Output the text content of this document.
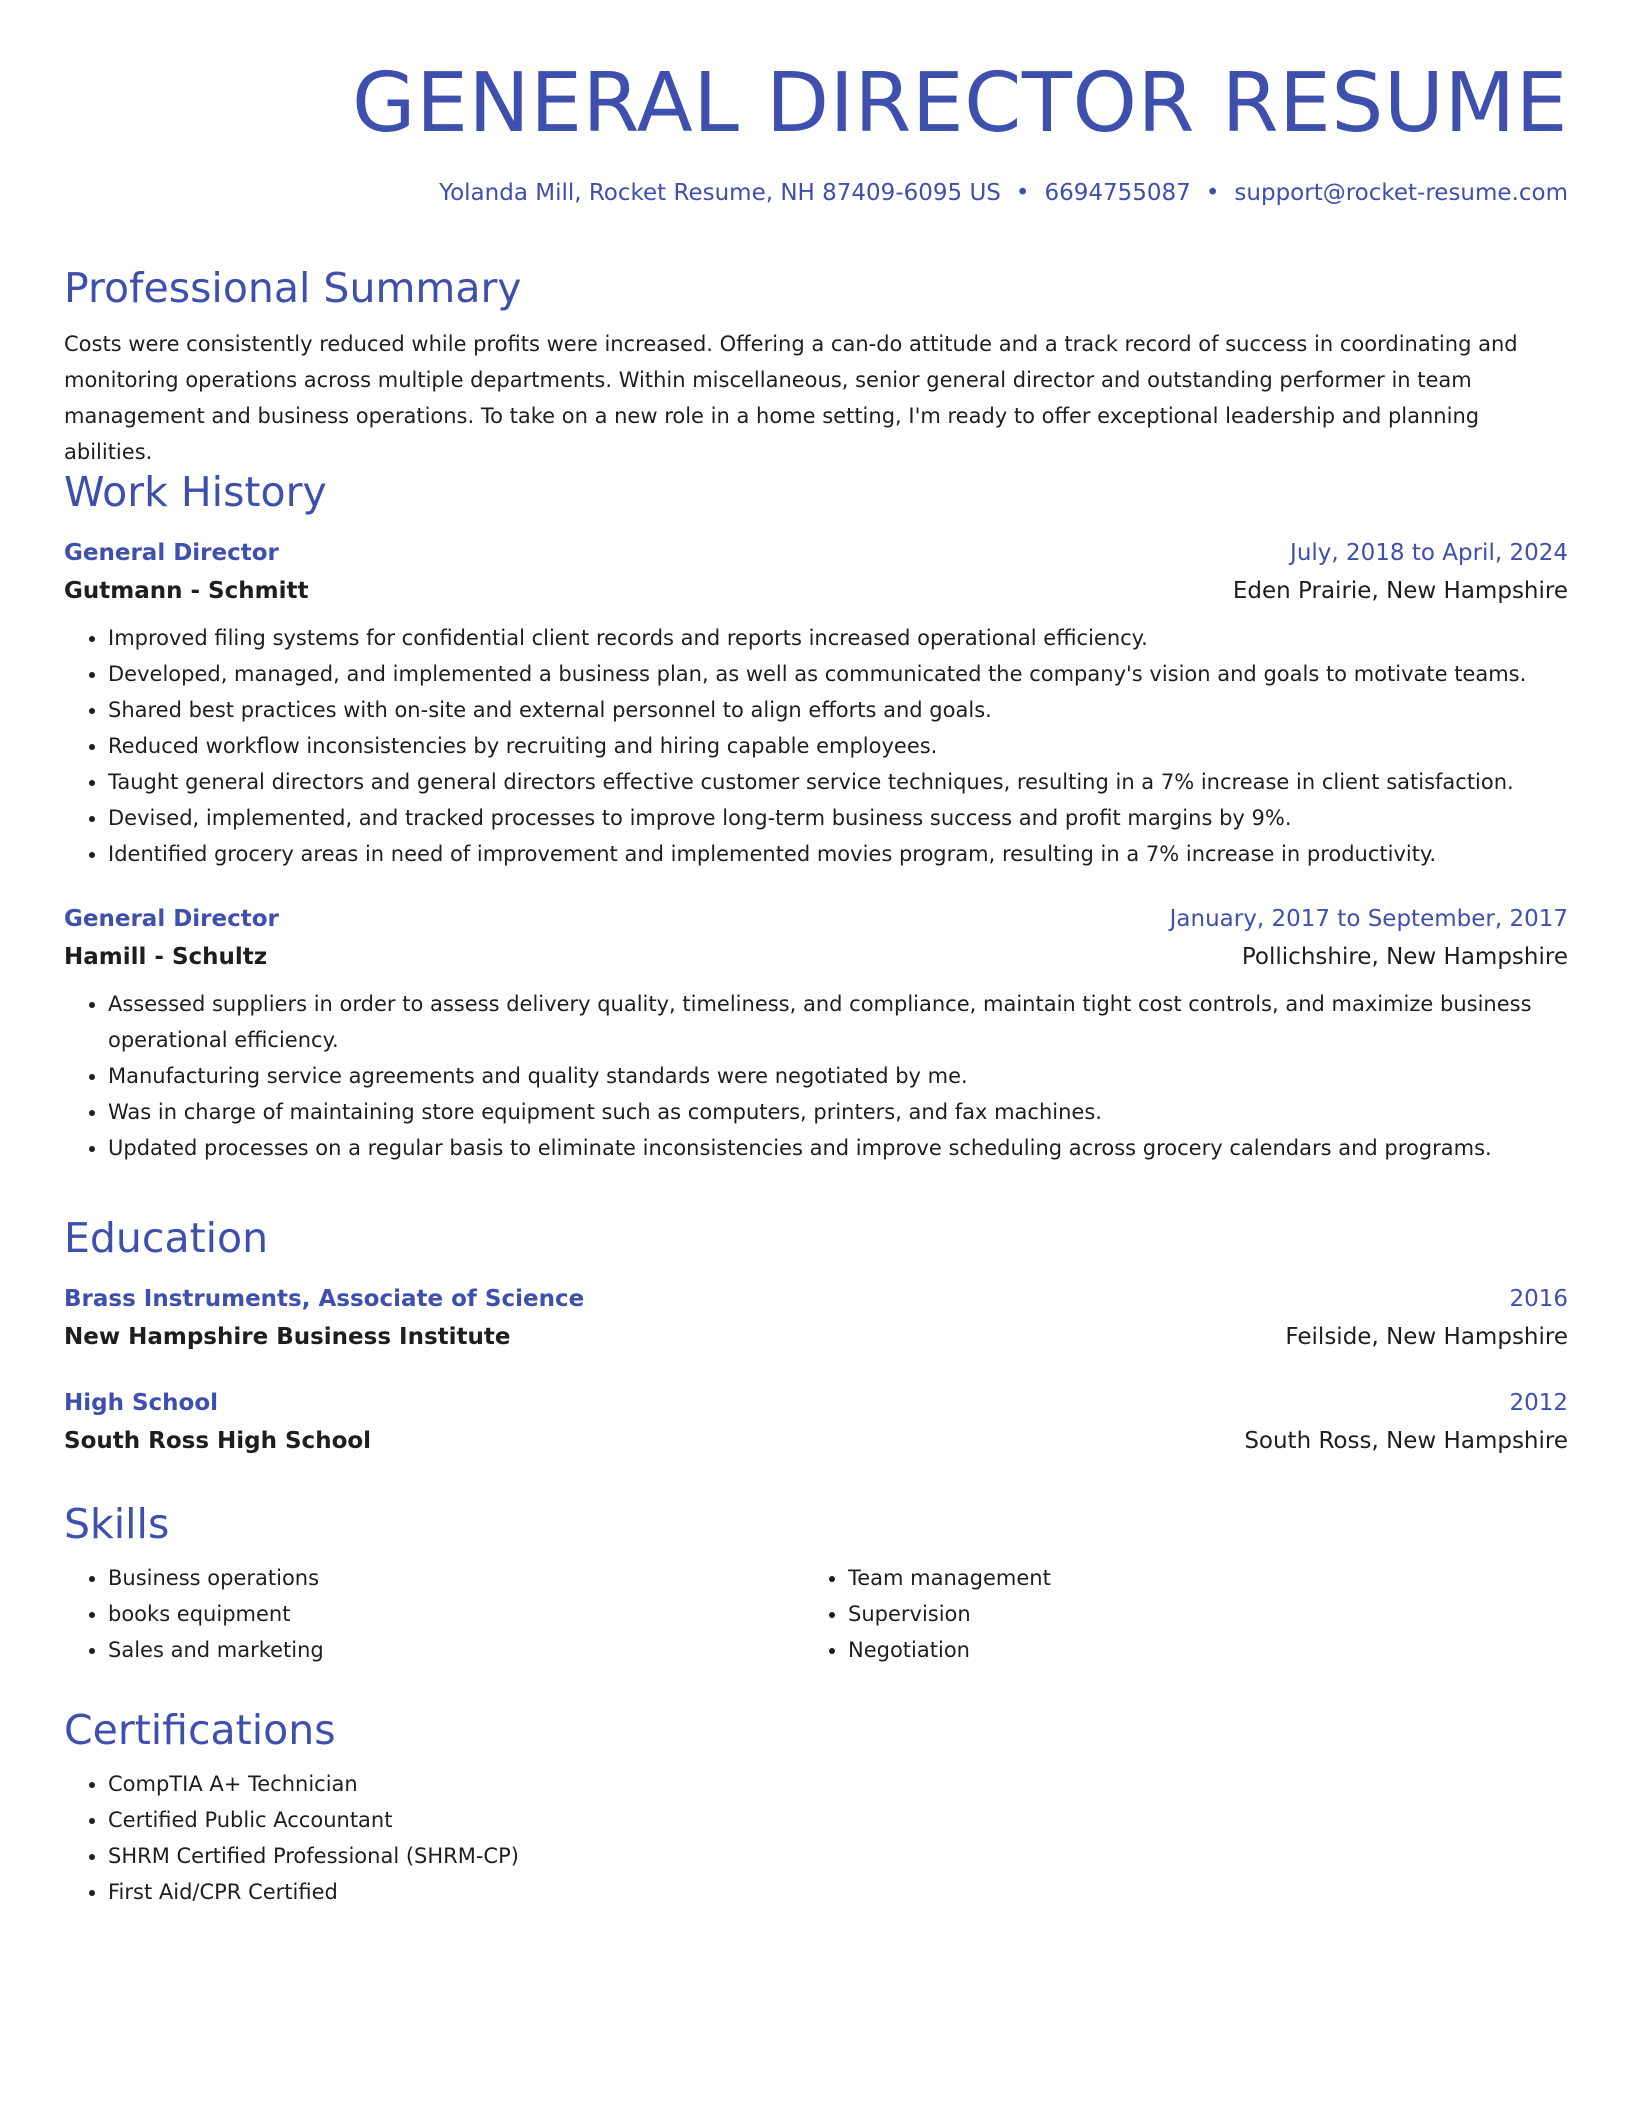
GENERAL DIRECTOR RESUME
Yolanda Mill, Rocket Resume, NH 87409-6095 US • 6694755087 • support@rocket-resume.com
Professional Summary

Costs were consistently reduced while profits were increased. Offering a can-do attitude and a track record of success in coordinating and monitoring operations across multiple departments. Within miscellaneous, senior general director and outstanding performer in team management and business operations. To take on a new role in a home setting, I'm ready to offer exceptional leadership and planning abilities.

Work History
General Director	July, 2018 to April, 2024
Gutmann - Schmitt	Eden Prairie, New Hampshire
• Improved filing systems for confidential client records and reports increased operational efficiency.
• Developed, managed, and implemented a business plan, as well as communicated the company's vision and goals to motivate teams.
• Shared best practices with on-site and external personnel to align efforts and goals.
• Reduced workflow inconsistencies by recruiting and hiring capable employees.
• Taught general directors and general directors effective customer service techniques, resulting in a 7% increase in client satisfaction.
• Devised, implemented, and tracked processes to improve long-term business success and profit margins by 9%.
• Identified grocery areas in need of improvement and implemented movies program, resulting in a 7% increase in productivity.
General Director	January, 2017 to September, 2017
Hamill - Schultz	Pollichshire, New Hampshire
• Assessed suppliers in order to assess delivery quality, timeliness, and compliance, maintain tight cost controls, and maximize business operational efficiency.
• Manufacturing service agreements and quality standards were negotiated by me.
• Was in charge of maintaining store equipment such as computers, printers, and fax machines.
• Updated processes on a regular basis to eliminate inconsistencies and improve scheduling across grocery calendars and programs.
Education
Brass Instruments, Associate of Science	2016
New Hampshire Business Institute	Feilside, New Hampshire
High School	2012
South Ross High School	South Ross, New Hampshire
Skills
• Business operations
• books equipment
• Sales and marketing
• Team management
• Supervision
• Negotiation
Certifications
• CompTIA A+ Technician
• Certified Public Accountant
• SHRM Certified Professional (SHRM-CP)
• First Aid/CPR Certified
